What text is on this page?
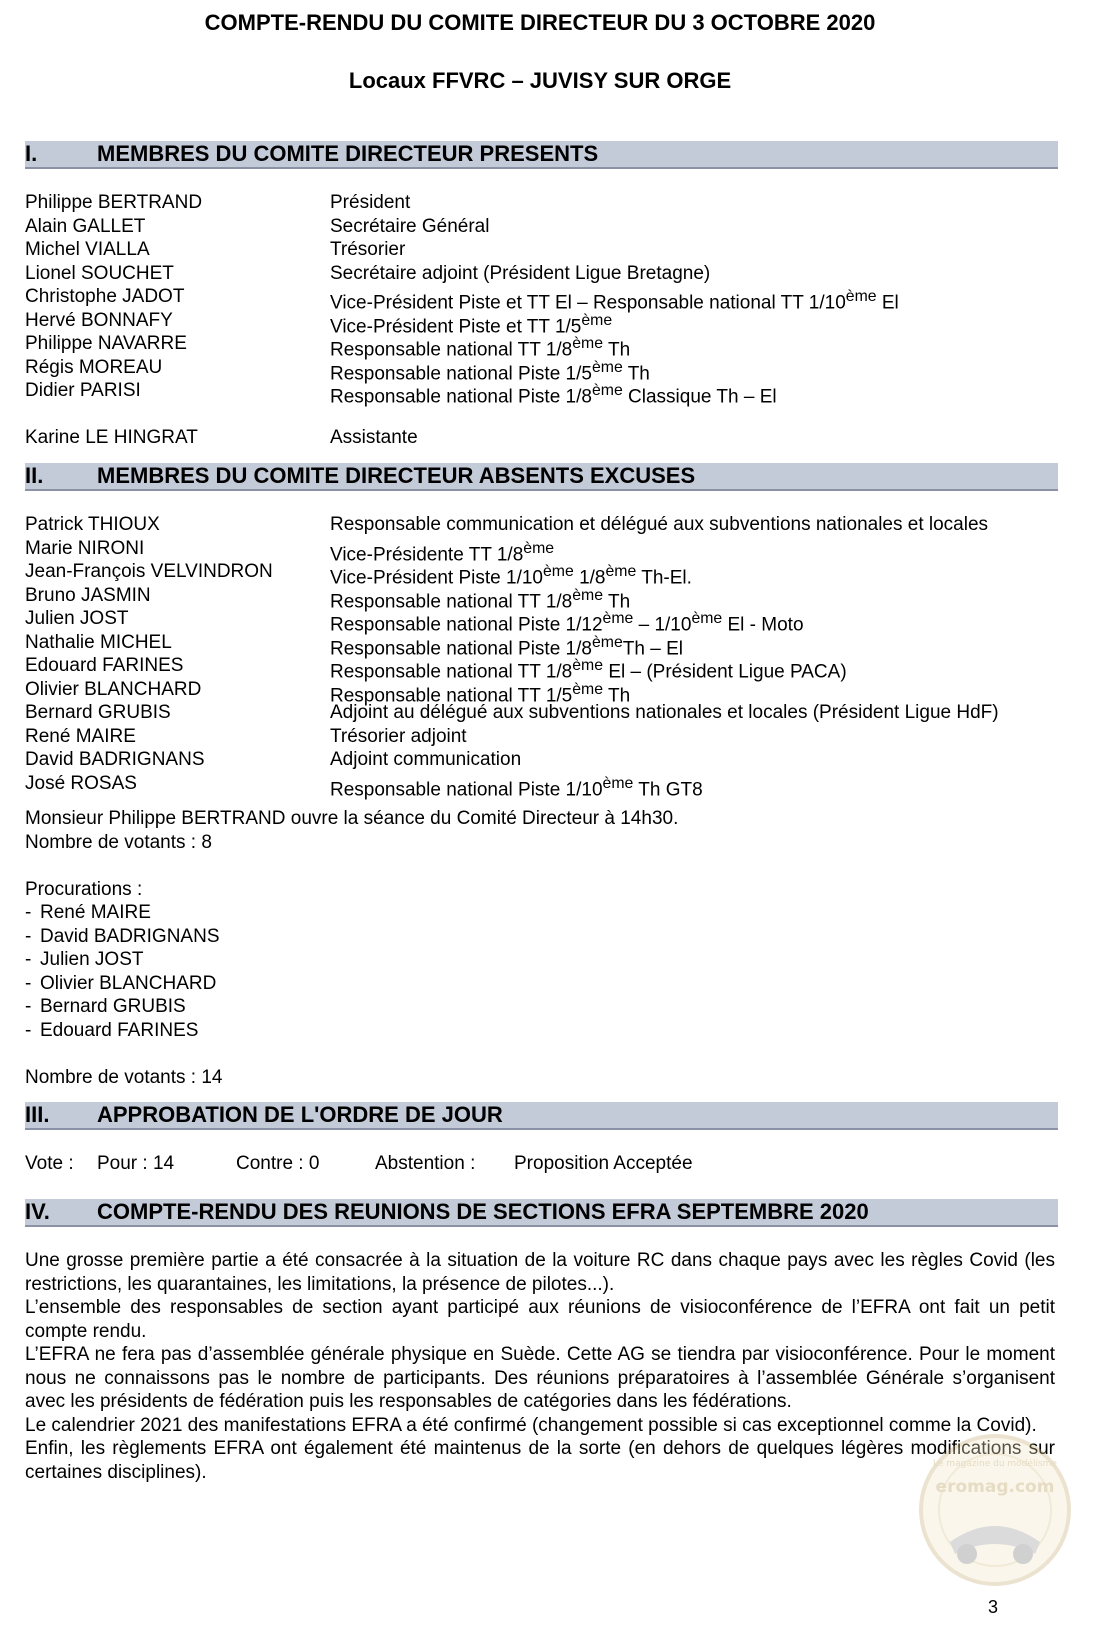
COMPTE-RENDU DU COMITE DIRECTEUR DU 3 OCTOBRE 2020
Locaux FFVRC – JUVISY SUR ORGE
I.	MEMBRES DU COMITE DIRECTEUR PRESENTS
Philippe BERTRAND	Président
Alain GALLET	Secrétaire Général
Michel VIALLA	Trésorier
Lionel SOUCHET	Secrétaire adjoint (Président Ligue Bretagne)
Christophe JADOT	Vice-Président Piste et TT El – Responsable national TT 1/10ème El
Hervé BONNAFY	Vice-Président Piste et TT 1/5ème
Philippe NAVARRE	Responsable national TT 1/8ème Th
Régis MOREAU	Responsable national Piste 1/5ème Th
Didier PARISI	Responsable national Piste 1/8ème Classique Th – El
Karine LE HINGRAT	Assistante
II. MEMBRES DU COMITE DIRECTEUR ABSENTS EXCUSES
Patrick THIOUX	Responsable communication et délégué aux subventions nationales et locales
Marie NIRONI	Vice-Présidente TT 1/8ème
Jean-François VELVINDRON	Vice-Président Piste 1/10ème 1/8ème Th-El.
Bruno JASMIN	Responsable national TT 1/8ème Th
Julien JOST	Responsable national Piste 1/12ème – 1/10ème El - Moto
Nathalie MICHEL	Responsable national Piste 1/8èmeTh – El
Edouard FARINES	Responsable national TT 1/8ème El – (Président Ligue PACA)
Olivier BLANCHARD	Responsable national TT 1/5ème Th
Bernard GRUBIS	Adjoint au délégué aux subventions nationales et locales (Président Ligue HdF)
René MAIRE	Trésorier adjoint
David BADRIGNANS	Adjoint communication
José ROSAS	Responsable national Piste 1/10ème Th GT8

Monsieur Philippe BERTRAND ouvre la séance du Comité Directeur à 14h30.

Nombre de votants : 8

Procurations :

- René MAIRE
- David BADRIGNANS
- Julien JOST
- Olivier BLANCHARD
- Bernard GRUBIS
- Edouard FARINES

Nombre de votants : 14

III. APPROBATION DE L'ORDRE DE JOUR
Vote : Pour : 14	Contre : 0	Abstention : Proposition Acceptée
IV. COMPTE-RENDU DES REUNIONS DE SECTIONS EFRA SEPTEMBRE 2020

Une grosse première partie a été consacrée à la situation de la voiture RC dans chaque pays avec les règles Covid (les restrictions, les quarantaines, les limitations, la présence de pilotes...).

L’ensemble des responsables de section ayant participé aux réunions de visioconférence de l’EFRA ont fait un petit compte rendu.

L’EFRA ne fera pas d’assemblée générale physique en Suède. Cette AG se tiendra par visioconférence. Pour le moment nous ne connaissons pas le nombre de participants. Des réunions préparatoires à l’assemblée Générale s’organisent avec les présidents de fédération puis les responsables de catégories dans les fédérations.

Le calendrier 2021 des manifestations EFRA a été confirmé (changement possible si cas exceptionnel comme la Covid).

Enfin, les règlements EFRA ont également été maintenus de la sorte (en dehors de quelques légères modifications sur certaines disciplines).

eromag.com
Le magazine du modélisme
3
